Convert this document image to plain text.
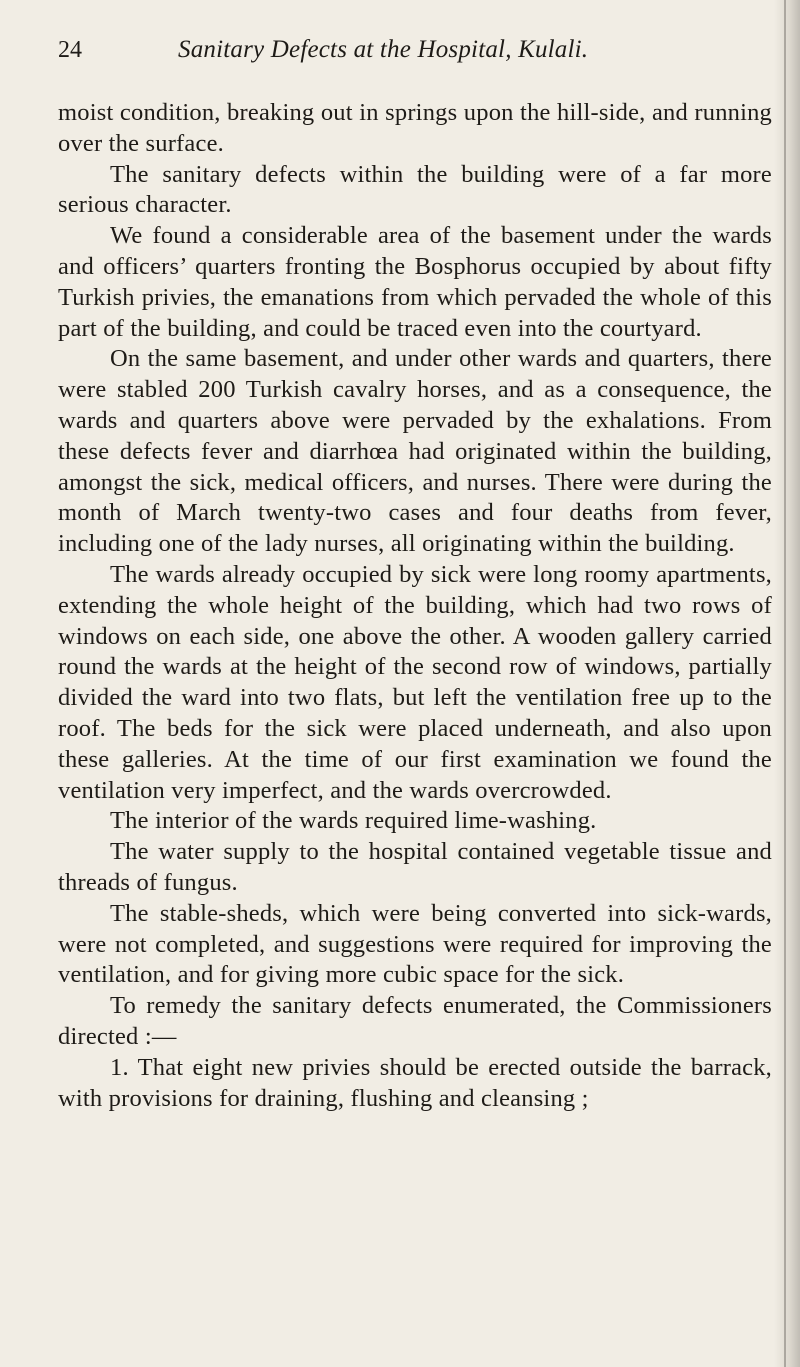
24	Sanitary Defects at the Hospital, Kulali.

moist condition, breaking out in springs upon the hill-side, and running over the surface.

The sanitary defects within the building were of a far more serious character.

We found a considerable area of the basement under the wards and officers’ quarters fronting the Bosphorus occupied by about fifty Turkish privies, the emanations from which pervaded the whole of this part of the building, and could be traced even into the courtyard.

On the same basement, and under other wards and quarters, there were stabled 200 Turkish cavalry horses, and as a consequence, the wards and quarters above were pervaded by the exhalations. From these defects fever and diarrhœa had originated within the building, amongst the sick, medical officers, and nurses. There were during the month of March twenty-two cases and four deaths from fever, including one of the lady nurses, all originating within the building.

The wards already occupied by sick were long roomy apartments, extending the whole height of the building, which had two rows of windows on each side, one above the other. A wooden gallery carried round the wards at the height of the second row of windows, partially divided the ward into two flats, but left the ventilation free up to the roof. The beds for the sick were placed underneath, and also upon these galleries. At the time of our first examination we found the ventilation very imperfect, and the wards overcrowded.

The interior of the wards required lime-washing.

The water supply to the hospital contained vegetable tissue and threads of fungus.

The stable-sheds, which were being converted into sick-wards, were not completed, and suggestions were required for improving the ventilation, and for giving more cubic space for the sick.

To remedy the sanitary defects enumerated, the Commissioners directed :—

1. That eight new privies should be erected outside the barrack, with provisions for draining, flushing and cleansing ;
